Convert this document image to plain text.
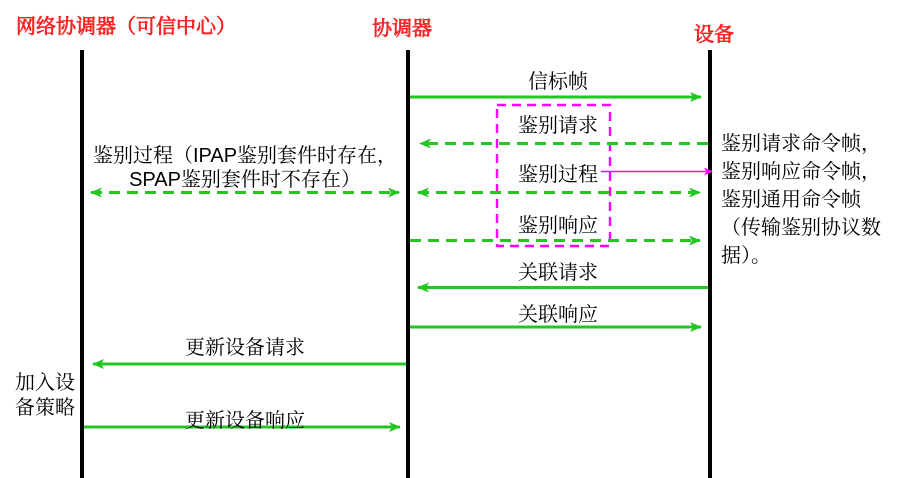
网络协调器（可信中心）	协调器	设备
信标帧
鉴别请求
鉴别过程
鉴别响应
关联请求
关联响应
更新设备请求
更新设备响应
鉴别过程（IPAP鉴别套件时存在，
SPAP鉴别套件时不存在）
鉴别请求命令帧，
鉴别响应命令帧，
鉴别通用命令帧
（传输鉴别协议数
据）。
加入设
备策略
